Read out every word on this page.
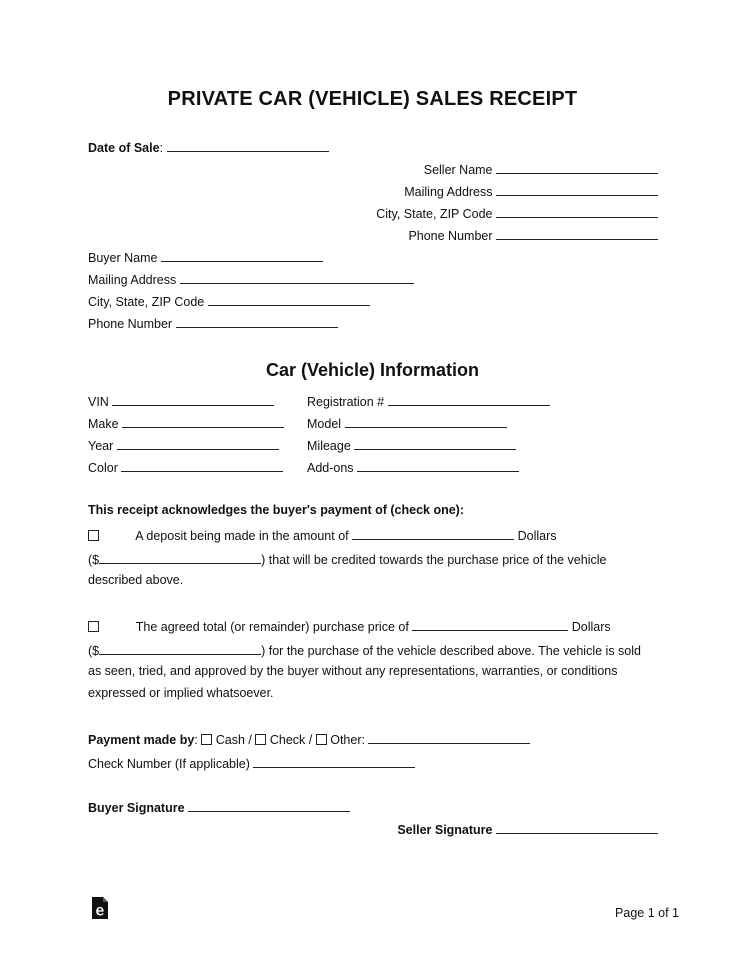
PRIVATE CAR (VEHICLE) SALES RECEIPT
Date of Sale:
Seller Name
Mailing Address
City, State, ZIP Code
Phone Number
Buyer Name
Mailing Address
City, State, ZIP Code
Phone Number
Car (Vehicle) Information
VIN	Registration #
Make	Model
Year	Mileage
Color	Add-ons
This receipt acknowledges the buyer's payment of (check one):
A deposit being made in the amount of	Dollars
($	) that will be credited towards the purchase price of the vehicle
described above.
The agreed total (or remainder) purchase price of	Dollars
($	) for the purchase of the vehicle described above. The vehicle is sold
as seen, tried, and approved by the buyer without any representations, warranties, or conditions
expressed or implied whatsoever.
Payment made by: Cash / Check / Other:
Check Number (If applicable)
Buyer Signature
Seller Signature
Page 1 of 1
